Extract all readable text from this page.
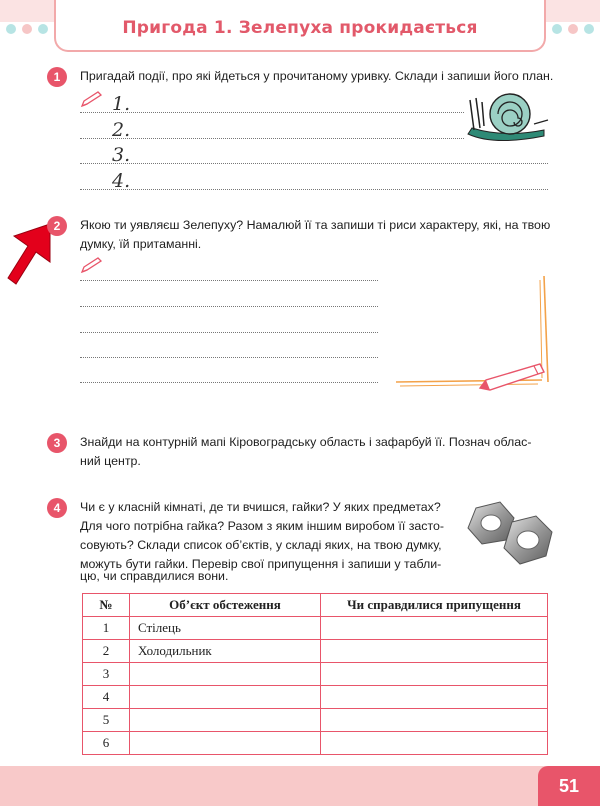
Пригода 1. Зелепуха прокидається
1	Пригадай події, про які йдеться у прочитаному уривку. Склади і запиши його план.
1.
2.
3.
4.
2	Якою ти уявляєш Зелепуху? Намалюй її та запиши ті риси характеру, які, на твою
думку, їй притаманні.
3	Знайди на контурній мапі Кіровоградську область і зафарбуй її. Познач облас-
ний центр.
4	Чи є у класній кімнаті, де ти вчишся, гайки? У яких предметах?
Для чого потрібна гайка? Разом з яким іншим виробом її засто-
совують? Склади список об’єктів, у складі яких, на твою думку,
можуть бути гайки. Перевір свої припущення і запиши у табли-
цю, чи справдилися вони.
№	Об’єкт обстеження	Чи справдилися припущення
1	Стілець	
2	Холодильник	
3		
4		
5		
6		
51
